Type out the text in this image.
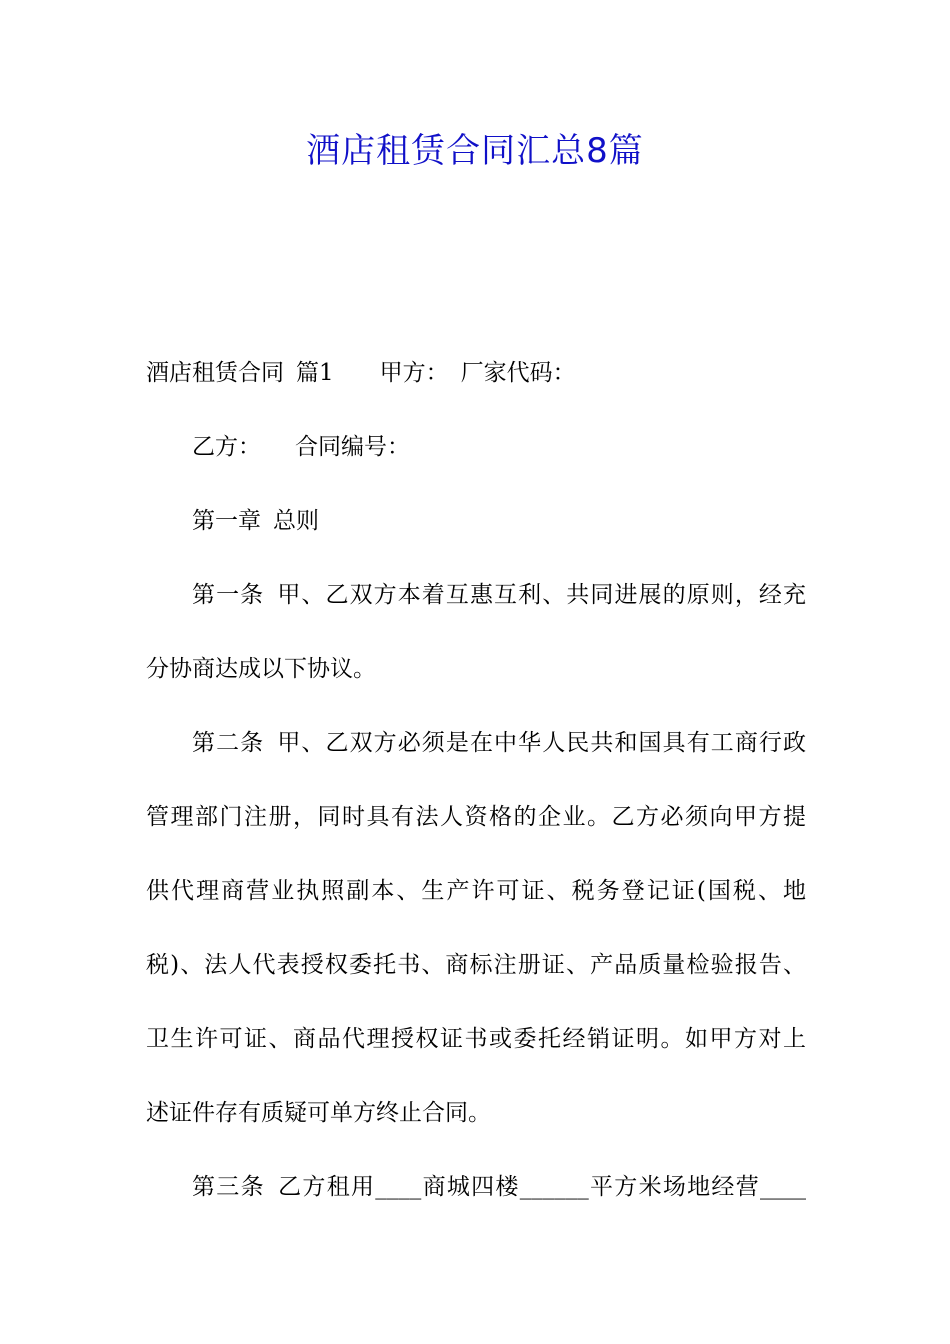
酒店租赁合同汇总8篇
酒店租赁合同 篇1 甲方： 厂家代码：
乙方： 合同编号：
第一章 总则
第一条 甲、乙双方本着互惠互利、共同进展的原则，经充
分协商达成以下协议。
第二条 甲、乙双方必须是在中华人民共和国具有工商行政
管理部门注册，同时具有法人资格的企业。乙方必须向甲方提
供代理商营业执照副本、生产许可证、税务登记证(国税、地
税)、法人代表授权委托书、商标注册证、产品质量检验报告、
卫生许可证、商品代理授权证书或委托经销证明。如甲方对上
述证件存有质疑可单方终止合同。
第三条 乙方租用____商城四楼______平方米场地经营____
